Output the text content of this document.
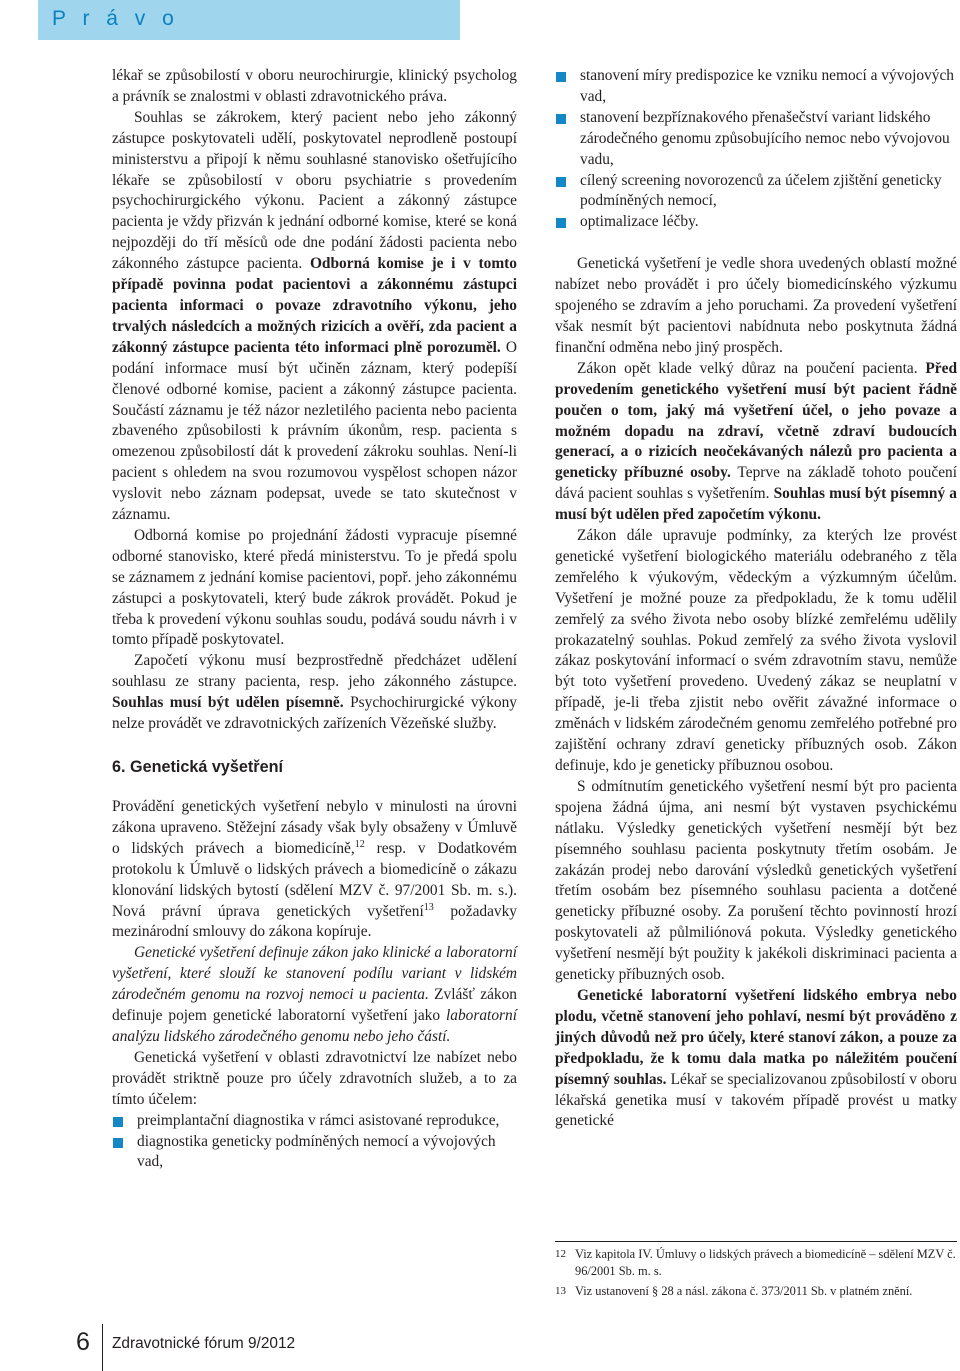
P r á v o

lékař se způsobilostí v oboru neurochirurgie, klinický psycholog a právník se znalostmi v oblasti zdravotnického práva.

Souhlas se zákrokem, který pacient nebo jeho zákonný zástupce poskytovateli udělí, poskytovatel neprodleně postoupí ministerstvu a připojí k němu souhlasné stanovisko ošetřujícího lékaře se způsobilostí v oboru psychiatrie s provedením psychochirurgického výkonu. Pacient a zákonný zástupce pacienta je vždy přizván k jednání odborné komise, které se koná nejpozději do tří měsíců ode dne podání žádosti pacienta nebo zákonného zástupce pacienta. Odborná komise je i v tomto případě povinna podat pacientovi a zákonnému zástupci pacienta informaci o povaze zdravotního výkonu, jeho trvalých následcích a možných rizicích a ověří, zda pacient a zákonný zástupce pacienta této informaci plně porozuměl. O podání informace musí být učiněn záznam, který podepíší členové odborné komise, pacient a zákonný zástupce pacienta. Součástí záznamu je též názor nezletilého pacienta nebo pacienta zbaveného způsobilosti k právním úkonům, resp. pacienta s omezenou způsobilostí dát k provedení zákroku souhlas. Není-li pacient s ohledem na svou rozumovou vyspělost schopen názor vyslovit nebo záznam podepsat, uvede se tato skutečnost v záznamu.

Odborná komise po projednání žádosti vypracuje písemné odborné stanovisko, které předá ministerstvu. To je předá spolu se záznamem z jednání komise pacientovi, popř. jeho zákonnému zástupci a poskytovateli, který bude zákrok provádět. Pokud je třeba k provedení výkonu souhlas soudu, podává soudu návrh i v tomto případě poskytovatel.

Započetí výkonu musí bezprostředně předcházet udělení souhlasu ze strany pacienta, resp. jeho zákonného zástupce. Souhlas musí být udělen písemně. Psychochirurgické výkony nelze provádět ve zdravotnických zařízeních Vězeňské služby.

6. Genetická vyšetření

Provádění genetických vyšetření nebylo v minulosti na úrovni zákona upraveno. Stěžejní zásady však byly obsaženy v Úmluvě o lidských právech a biomedicíně,$^{12}$ resp. v Dodatkovém protokolu k Úmluvě o lidských právech a biomedicíně o zákazu klonování lidských bytostí (sdělení MZV č. 97/2001 Sb. m. s.). Nová právní úprava genetických vyšetření$^{13}$ požadavky mezinárodní smlouvy do zákona kopíruje.

Genetické vyšetření definuje zákon jako klinické a laboratorní vyšetření, které slouží ke stanovení podílu variant v lidském zárodečném genomu na rozvoj nemoci u pacienta. Zvlášť zákon definuje pojem genetické laboratorní vyšetření jako laboratorní analýzu lidského zárodečného genomu nebo jeho částí.

Genetická vyšetření v oblasti zdravotnictví lze nabízet nebo provádět striktně pouze pro účely zdravotních služeb, a to za tímto účelem:

preimplantační diagnostika v rámci asistované reprodukce,
diagnostika geneticky podmíněných nemocí a vývojových vad,
stanovení míry predispozice ke vzniku nemocí a vývojových vad,
stanovení bezpříznakového přenašečství variant lidského zárodečného genomu způsobujícího nemoc nebo vývojovou vadu,
cílený screening novorozenců za účelem zjištění geneticky podmíněných nemocí,
optimalizace léčby.

Genetická vyšetření je vedle shora uvedených oblastí možné nabízet nebo provádět i pro účely biomedicínského výzkumu spojeného se zdravím a jeho poruchami. Za provedení vyšetření však nesmít být pacientovi nabídnuta nebo poskytnuta žádná finanční odměna nebo jiný prospěch.

Zákon opět klade velký důraz na poučení pacienta. Před provedením genetického vyšetření musí být pacient řádně poučen o tom, jaký má vyšetření účel, o jeho povaze a možném dopadu na zdraví, včetně zdraví budoucích generací, a o rizicích neočekávaných nálezů pro pacienta a geneticky příbuzné osoby. Teprve na základě tohoto poučení dává pacient souhlas s vyšetřením. Souhlas musí být písemný a musí být udělen před započetím výkonu.

Zákon dále upravuje podmínky, za kterých lze provést genetické vyšetření biologického materiálu odebraného z těla zemřelého k výukovým, vědeckým a výzkumným účelům. Vyšetření je možné pouze za předpokladu, že k tomu udělil zemřelý za svého života nebo osoby blízké zemřelému udělily prokazatelný souhlas. Pokud zemřelý za svého života vyslovil zákaz poskytování informací o svém zdravotním stavu, nemůže být toto vyšetření provedeno. Uvedený zákaz se neuplatní v případě, je-li třeba zjistit nebo ověřit závažné informace o změnách v lidském zárodečném genomu zemřelého potřebné pro zajištění ochrany zdraví geneticky příbuzných osob. Zákon definuje, kdo je geneticky příbuznou osobou.

S odmítnutím genetického vyšetření nesmí být pro pacienta spojena žádná újma, ani nesmí být vystaven psychickému nátlaku. Výsledky genetických vyšetření nesmějí být bez písemného souhlasu pacienta poskytnuty třetím osobám. Je zakázán prodej nebo darování výsledků genetických vyšetření třetím osobám bez písemného souhlasu pacienta a dotčené geneticky příbuzné osoby. Za porušení těchto povinností hrozí poskytovateli až půlmiliónová pokuta. Výsledky genetického vyšetření nesmějí být použity k jakékoli diskriminaci pacienta a geneticky příbuzných osob.

Genetické laboratorní vyšetření lidského embrya nebo plodu, včetně stanovení jeho pohlaví, nesmí být prováděno z jiných důvodů než pro účely, které stanoví zákon, a pouze za předpokladu, že k tomu dala matka po náležitém poučení písemný souhlas. Lékař se specializovanou způsobilostí v oboru lékařská genetika musí v takovém případě provést u matky genetické

12 Viz kapitola IV. Úmluvy o lidských právech a biomedicíně – sdělení MZV č. 96/2001 Sb. m. s.
13 Viz ustanovení § 28 a násl. zákona č. 373/2011 Sb. v platném znění.
6 Zdravotnické fórum 9/2012
